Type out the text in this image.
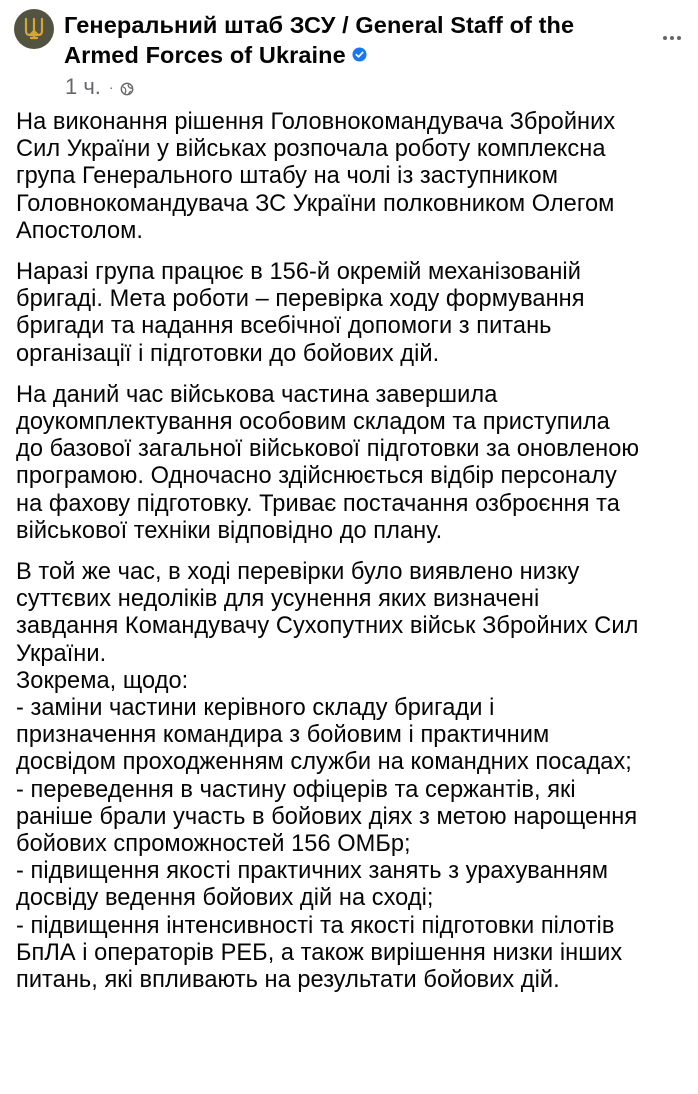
Генеральний штаб ЗСУ / General Staff of the
Armed Forces of Ukraine
1 ч. ·

На виконання рішення Головнокомандувача Збройних
Сил України у військах розпочала роботу комплексна
група Генерального штабу на чолі із заступником
Головнокомандувача ЗС України полковником Олегом
Апостолом.

Наразі група працює в 156-й окремій механізованій
бригаді. Мета роботи – перевірка ходу формування
бригади та надання всебічної допомоги з питань
організації і підготовки до бойових дій.

На даний час військова частина завершила
доукомплектування особовим складом та приступила
до базової загальної військової підготовки за оновленою
програмою. Одночасно здійснюється відбір персоналу
на фахову підготовку. Триває постачання озброєння та
військової техніки відповідно до плану.

В той же час, в ході перевірки було виявлено низку
суттєвих недоліків для усунення яких визначені
завдання Командувачу Сухопутних військ Збройних Сил
України.
Зокрема, щодо:
- заміни частини керівного складу бригади і
призначення командира з бойовим і практичним
досвідом проходженням служби на командних посадах;
- переведення в частину офіцерів та сержантів, які
раніше брали участь в бойових діях з метою нарощення
бойових спроможностей 156 ОМБр;
- підвищення якості практичних занять з урахуванням
досвіду ведення бойових дій на сході;
- підвищення інтенсивності та якості підготовки пілотів
БпЛА і операторів РЕБ, а також вирішення низки інших
питань, які впливають на результати бойових дій.
